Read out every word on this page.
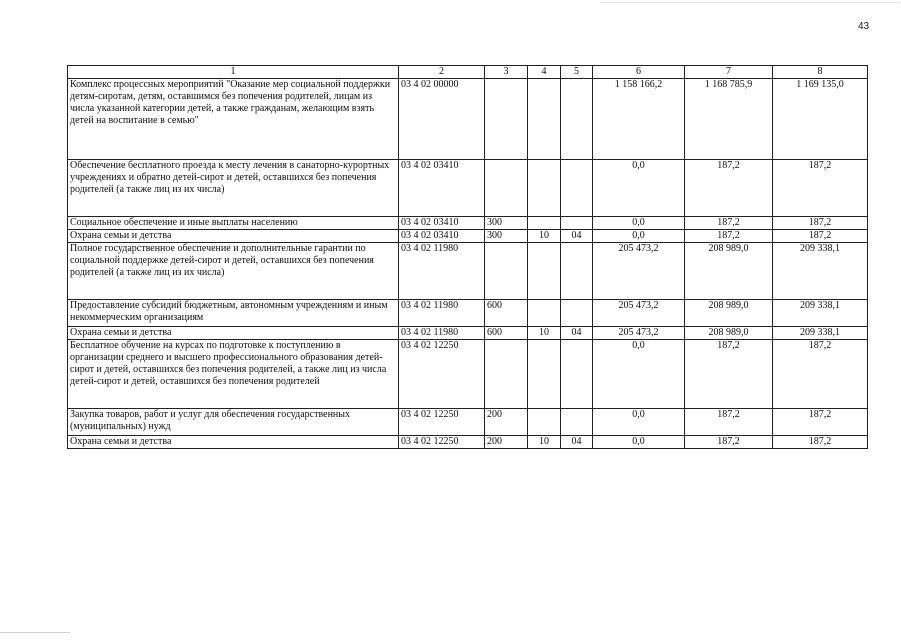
43
1	2	3	4	5	6	7	8
Комплекс процессных мероприятий "Оказание мер социальной поддержки детям-сиротам, детям, оставшимся без попечения родителей, лицам из числа указанной категории детей, а также гражданам, желающим взять детей на воспитание в семью"	03 4 02 00000				1 158 166,2	1 168 785,9	1 169 135,0
Обеспечение бесплатного проезда к месту лечения в санаторно-курортных учреждениях и обратно детей-сирот и детей, оставшихся без попечения родителей (а также лиц из их числа)	03 4 02 03410				0,0	187,2	187,2
Социальное обеспечение и иные выплаты населению	03 4 02 03410	300			0,0	187,2	187,2
Охрана семьи и детства	03 4 02 03410	300	10	04	0,0	187,2	187,2
Полное государственное обеспечение и дополнительные гарантии по социальной поддержке детей-сирот и детей, оставшихся без попечения родителей (а также лиц из их числа)	03 4 02 11980				205 473,2	208 989,0	209 338,1
Предоставление субсидий бюджетным, автономным учреждениям и иным некоммерческим организациям	03 4 02 11980	600			205 473,2	208 989,0	209 338,1
Охрана семьи и детства	03 4 02 11980	600	10	04	205 473,2	208 989,0	209 338,1
Бесплатное обучение на курсах по подготовке к поступлению в организации среднего и высшего профессионального образования детей-сирот и детей, оставшихся без попечения родителей, а также лиц из числа детей-сирот и детей, оставшихся без попечения родителей	03 4 02 12250				0,0	187,2	187,2
Закупка товаров, работ и услуг для обеспечения государственных (муниципальных) нужд	03 4 02 12250	200			0,0	187,2	187,2
Охрана семьи и детства	03 4 02 12250	200	10	04	0,0	187,2	187,2
